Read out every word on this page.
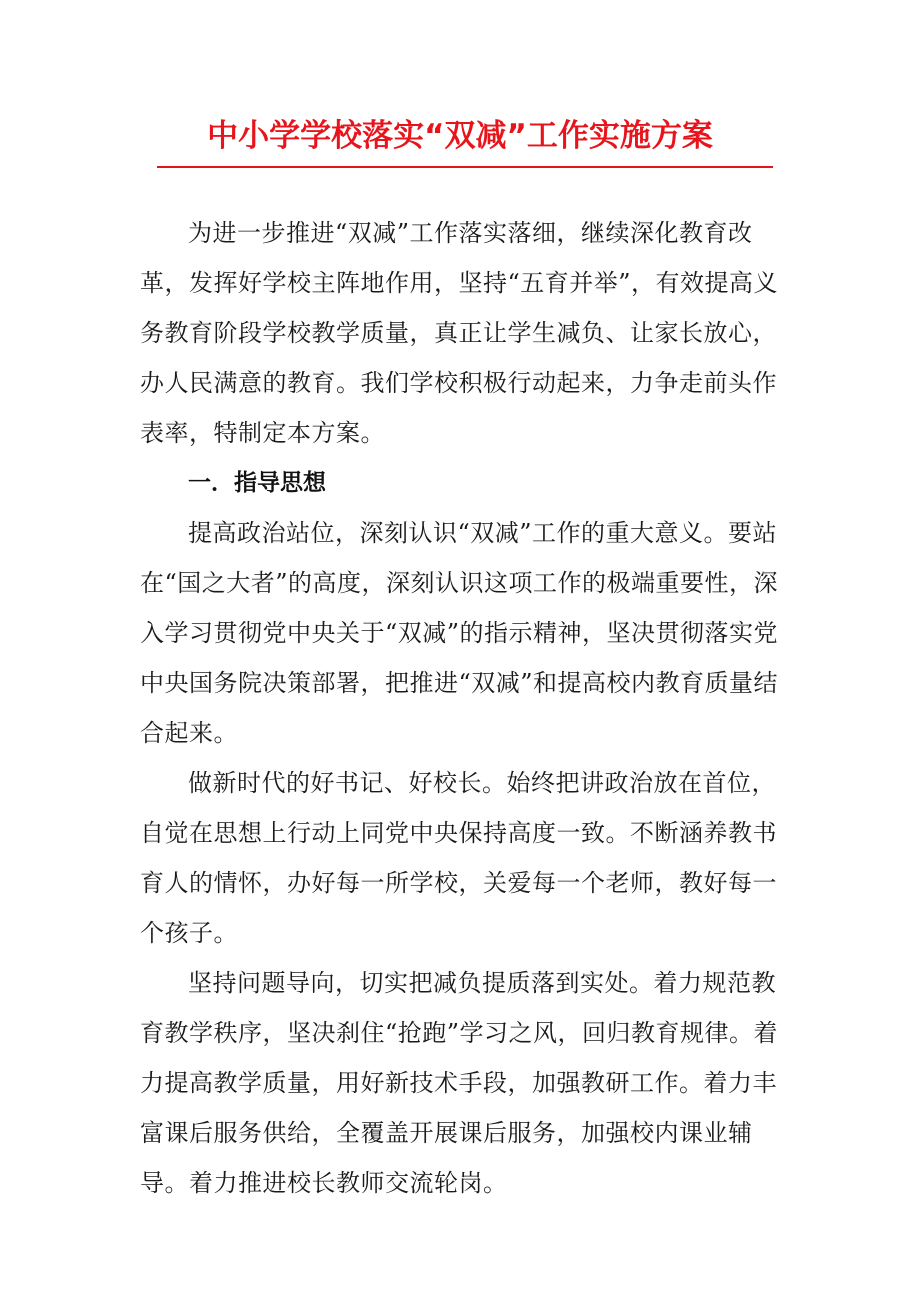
中小学学校落实“双减”工作实施方案

为进一步推进“双减”工作落实落细，继续深化教育改革，发挥好学校主阵地作用，坚持“五育并举”，有效提高义务教育阶段学校教学质量，真正让学生减负、让家长放心，办人民满意的教育。我们学校积极行动起来，力争走前头作表率，特制定本方案。

一．指导思想

提高政治站位，深刻认识“双减”工作的重大意义。要站在“国之大者”的高度，深刻认识这项工作的极端重要性，深入学习贯彻党中央关于“双减”的指示精神，坚决贯彻落实党中央国务院决策部署，把推进“双减”和提高校内教育质量结合起来。

做新时代的好书记、好校长。始终把讲政治放在首位，自觉在思想上行动上同党中央保持高度一致。不断涵养教书育人的情怀，办好每一所学校，关爱每一个老师，教好每一个孩子。

坚持问题导向，切实把减负提质落到实处。着力规范教育教学秩序，坚决刹住“抢跑”学习之风，回归教育规律。着力提高教学质量，用好新技术手段，加强教研工作。着力丰富课后服务供给，全覆盖开展课后服务，加强校内课业辅导。着力推进校长教师交流轮岗。
